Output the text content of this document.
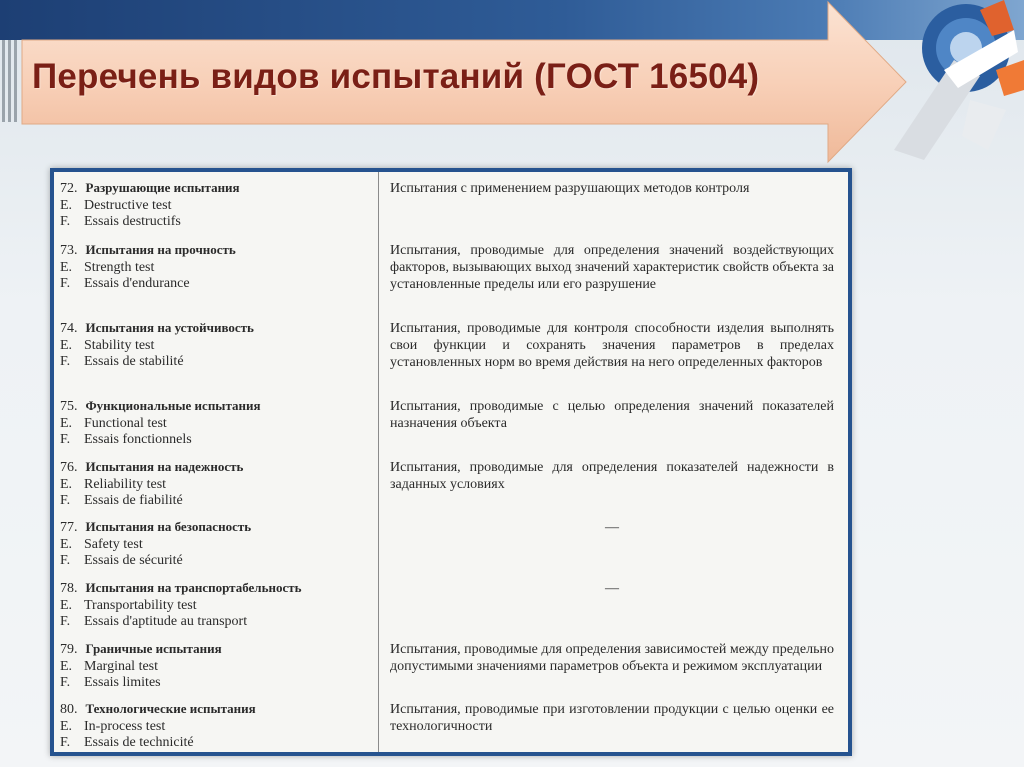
Перечень видов испытаний (ГОСТ 16504)
72. Разрушающие испытания
E. Destructive test
F. Essais destructifs
Испытания с применением разрушающих методов контроля
73. Испытания на прочность
E. Strength test
F. Essais d'endurance
Испытания, проводимые для определения значений воздействующих факторов, вызывающих выход значений характеристик свойств объекта за установленные пределы или его разрушение
74. Испытания на устойчивость
E. Stability test
F. Essais de stabilité
Испытания, проводимые для контроля способности изделия выполнять свои функции и сохранять значения параметров в пределах установленных норм во время действия на него определенных факторов
75. Функциональные испытания
E. Functional test
F. Essais fonctionnels
Испытания, проводимые с целью определения значений показателей назначения объекта
76. Испытания на надежность
E. Reliability test
F. Essais de fiabilité
Испытания, проводимые для определения показателей надежности в заданных условиях
77. Испытания на безопасность
E. Safety test
F. Essais de sécurité
—
78. Испытания на транспортабельность
E. Transportability test
F. Essais d'aptitude au transport
—
79. Граничные испытания
E. Marginal test
F. Essais limites
Испытания, проводимые для определения зависимостей между предельно допустимыми значениями параметров объекта и режимом эксплуатации
80. Технологические испытания
E. In-process test
F. Essais de technicité
Испытания, проводимые при изготовлении продукции с целью оценки ее технологичности
